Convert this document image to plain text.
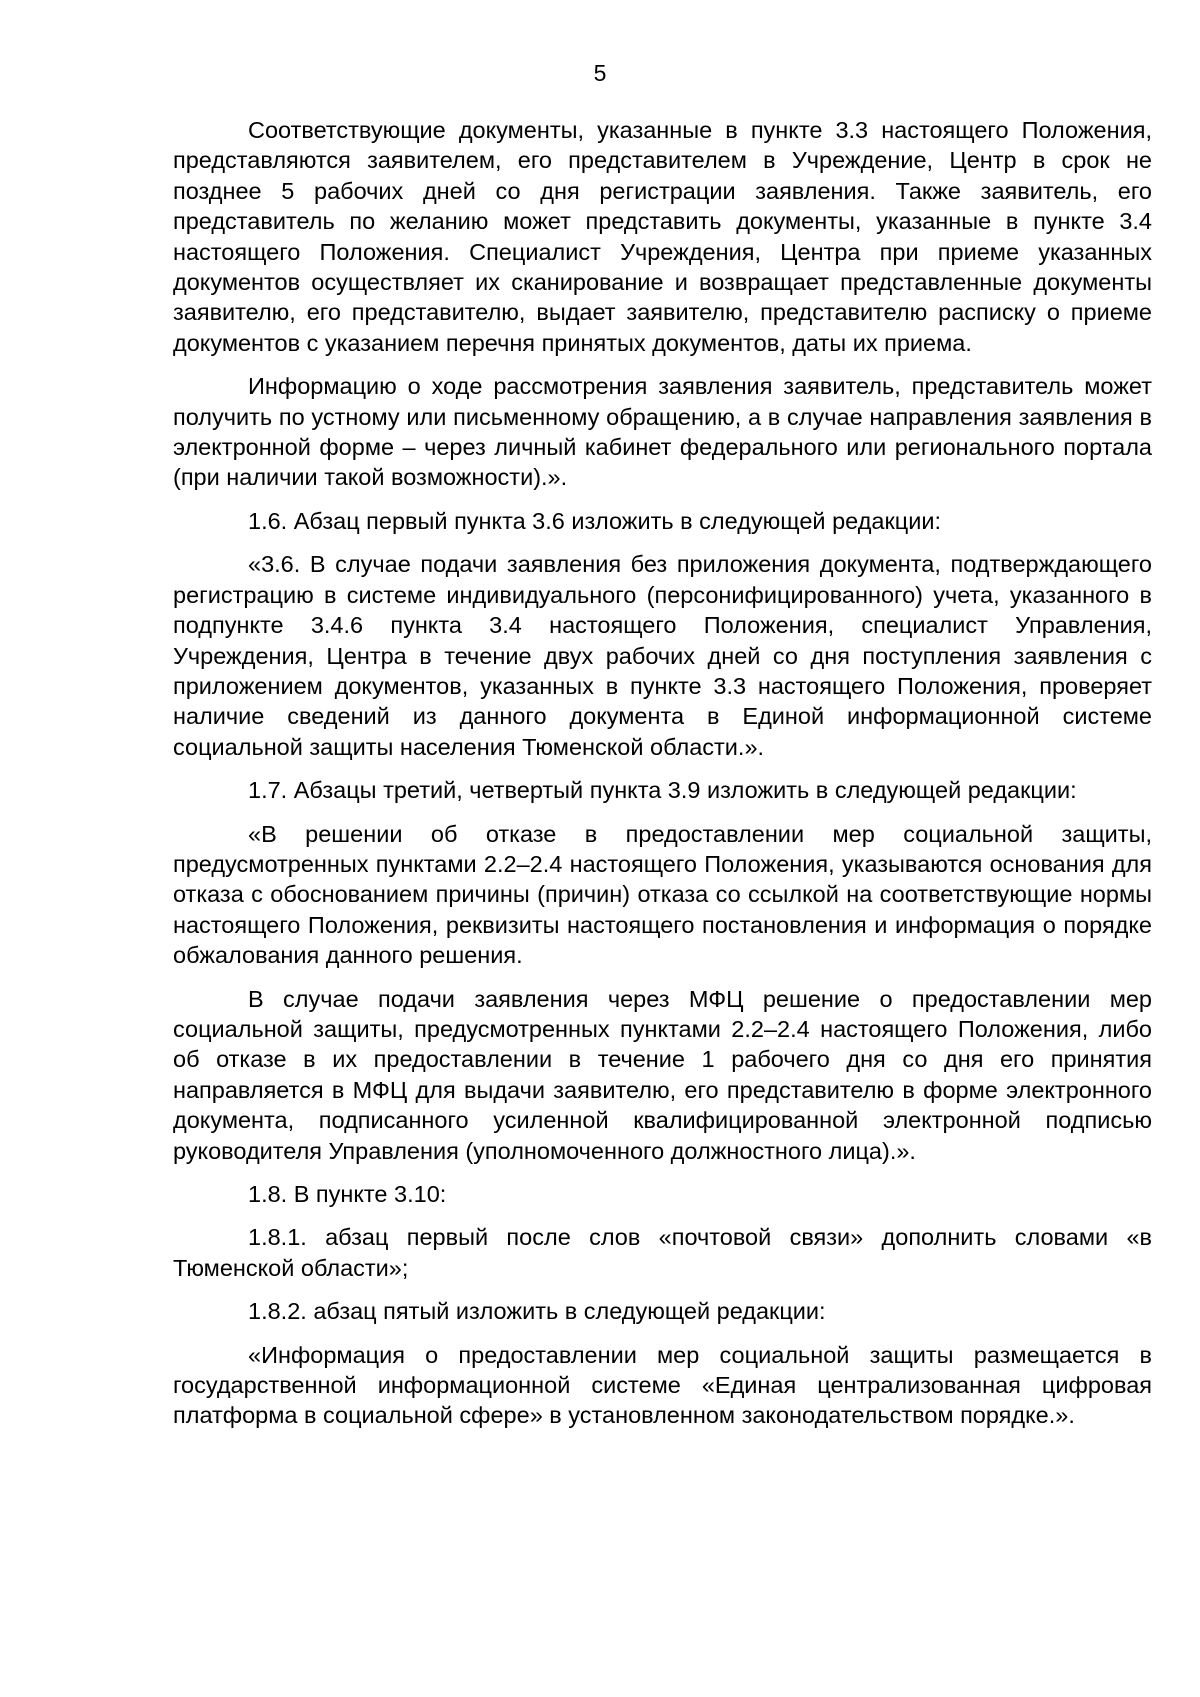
5

Соответствующие документы, указанные в пункте 3.3 настоящего Положения, представляются заявителем, его представителем в Учреждение, Центр в срок не позднее 5 рабочих дней со дня регистрации заявления. Также заявитель, его представитель по желанию может представить документы, указанные в пункте 3.4 настоящего Положения. Специалист Учреждения, Центра при приеме указанных документов осуществляет их сканирование и возвращает представленные документы заявителю, его представителю, выдает заявителю, представителю расписку о приеме документов с указанием перечня принятых документов, даты их приема.

Информацию о ходе рассмотрения заявления заявитель, представитель может получить по устному или письменному обращению, а в случае направления заявления в электронной форме – через личный кабинет федерального или регионального портала (при наличии такой возможности).».

1.6. Абзац первый пункта 3.6 изложить в следующей редакции:

«3.6. В случае подачи заявления без приложения документа, подтверждающего регистрацию в системе индивидуального (персонифицированного) учета, указанного в подпункте 3.4.6 пункта 3.4 настоящего Положения, специалист Управления, Учреждения, Центра в течение двух рабочих дней со дня поступления заявления с приложением документов, указанных в пункте 3.3 настоящего Положения, проверяет наличие сведений из данного документа в Единой информационной системе социальной защиты населения Тюменской области.».

1.7. Абзацы третий, четвертый пункта 3.9 изложить в следующей редакции:

«В решении об отказе в предоставлении мер социальной защиты, предусмотренных пунктами 2.2–2.4 настоящего Положения, указываются основания для отказа с обоснованием причины (причин) отказа со ссылкой на соответствующие нормы настоящего Положения, реквизиты настоящего постановления и информация о порядке обжалования данного решения.

В случае подачи заявления через МФЦ решение о предоставлении мер социальной защиты, предусмотренных пунктами 2.2–2.4 настоящего Положения, либо об отказе в их предоставлении в течение 1 рабочего дня со дня его принятия направляется в МФЦ для выдачи заявителю, его представителю в форме электронного документа, подписанного усиленной квалифицированной электронной подписью руководителя Управления (уполномоченного должностного лица).».

1.8. В пункте 3.10:

1.8.1. абзац первый после слов «почтовой связи» дополнить словами «в Тюменской области»;

1.8.2. абзац пятый изложить в следующей редакции:

«Информация о предоставлении мер социальной защиты размещается в государственной информационной системе «Единая централизованная цифровая платформа в социальной сфере» в установленном законодательством порядке.».
